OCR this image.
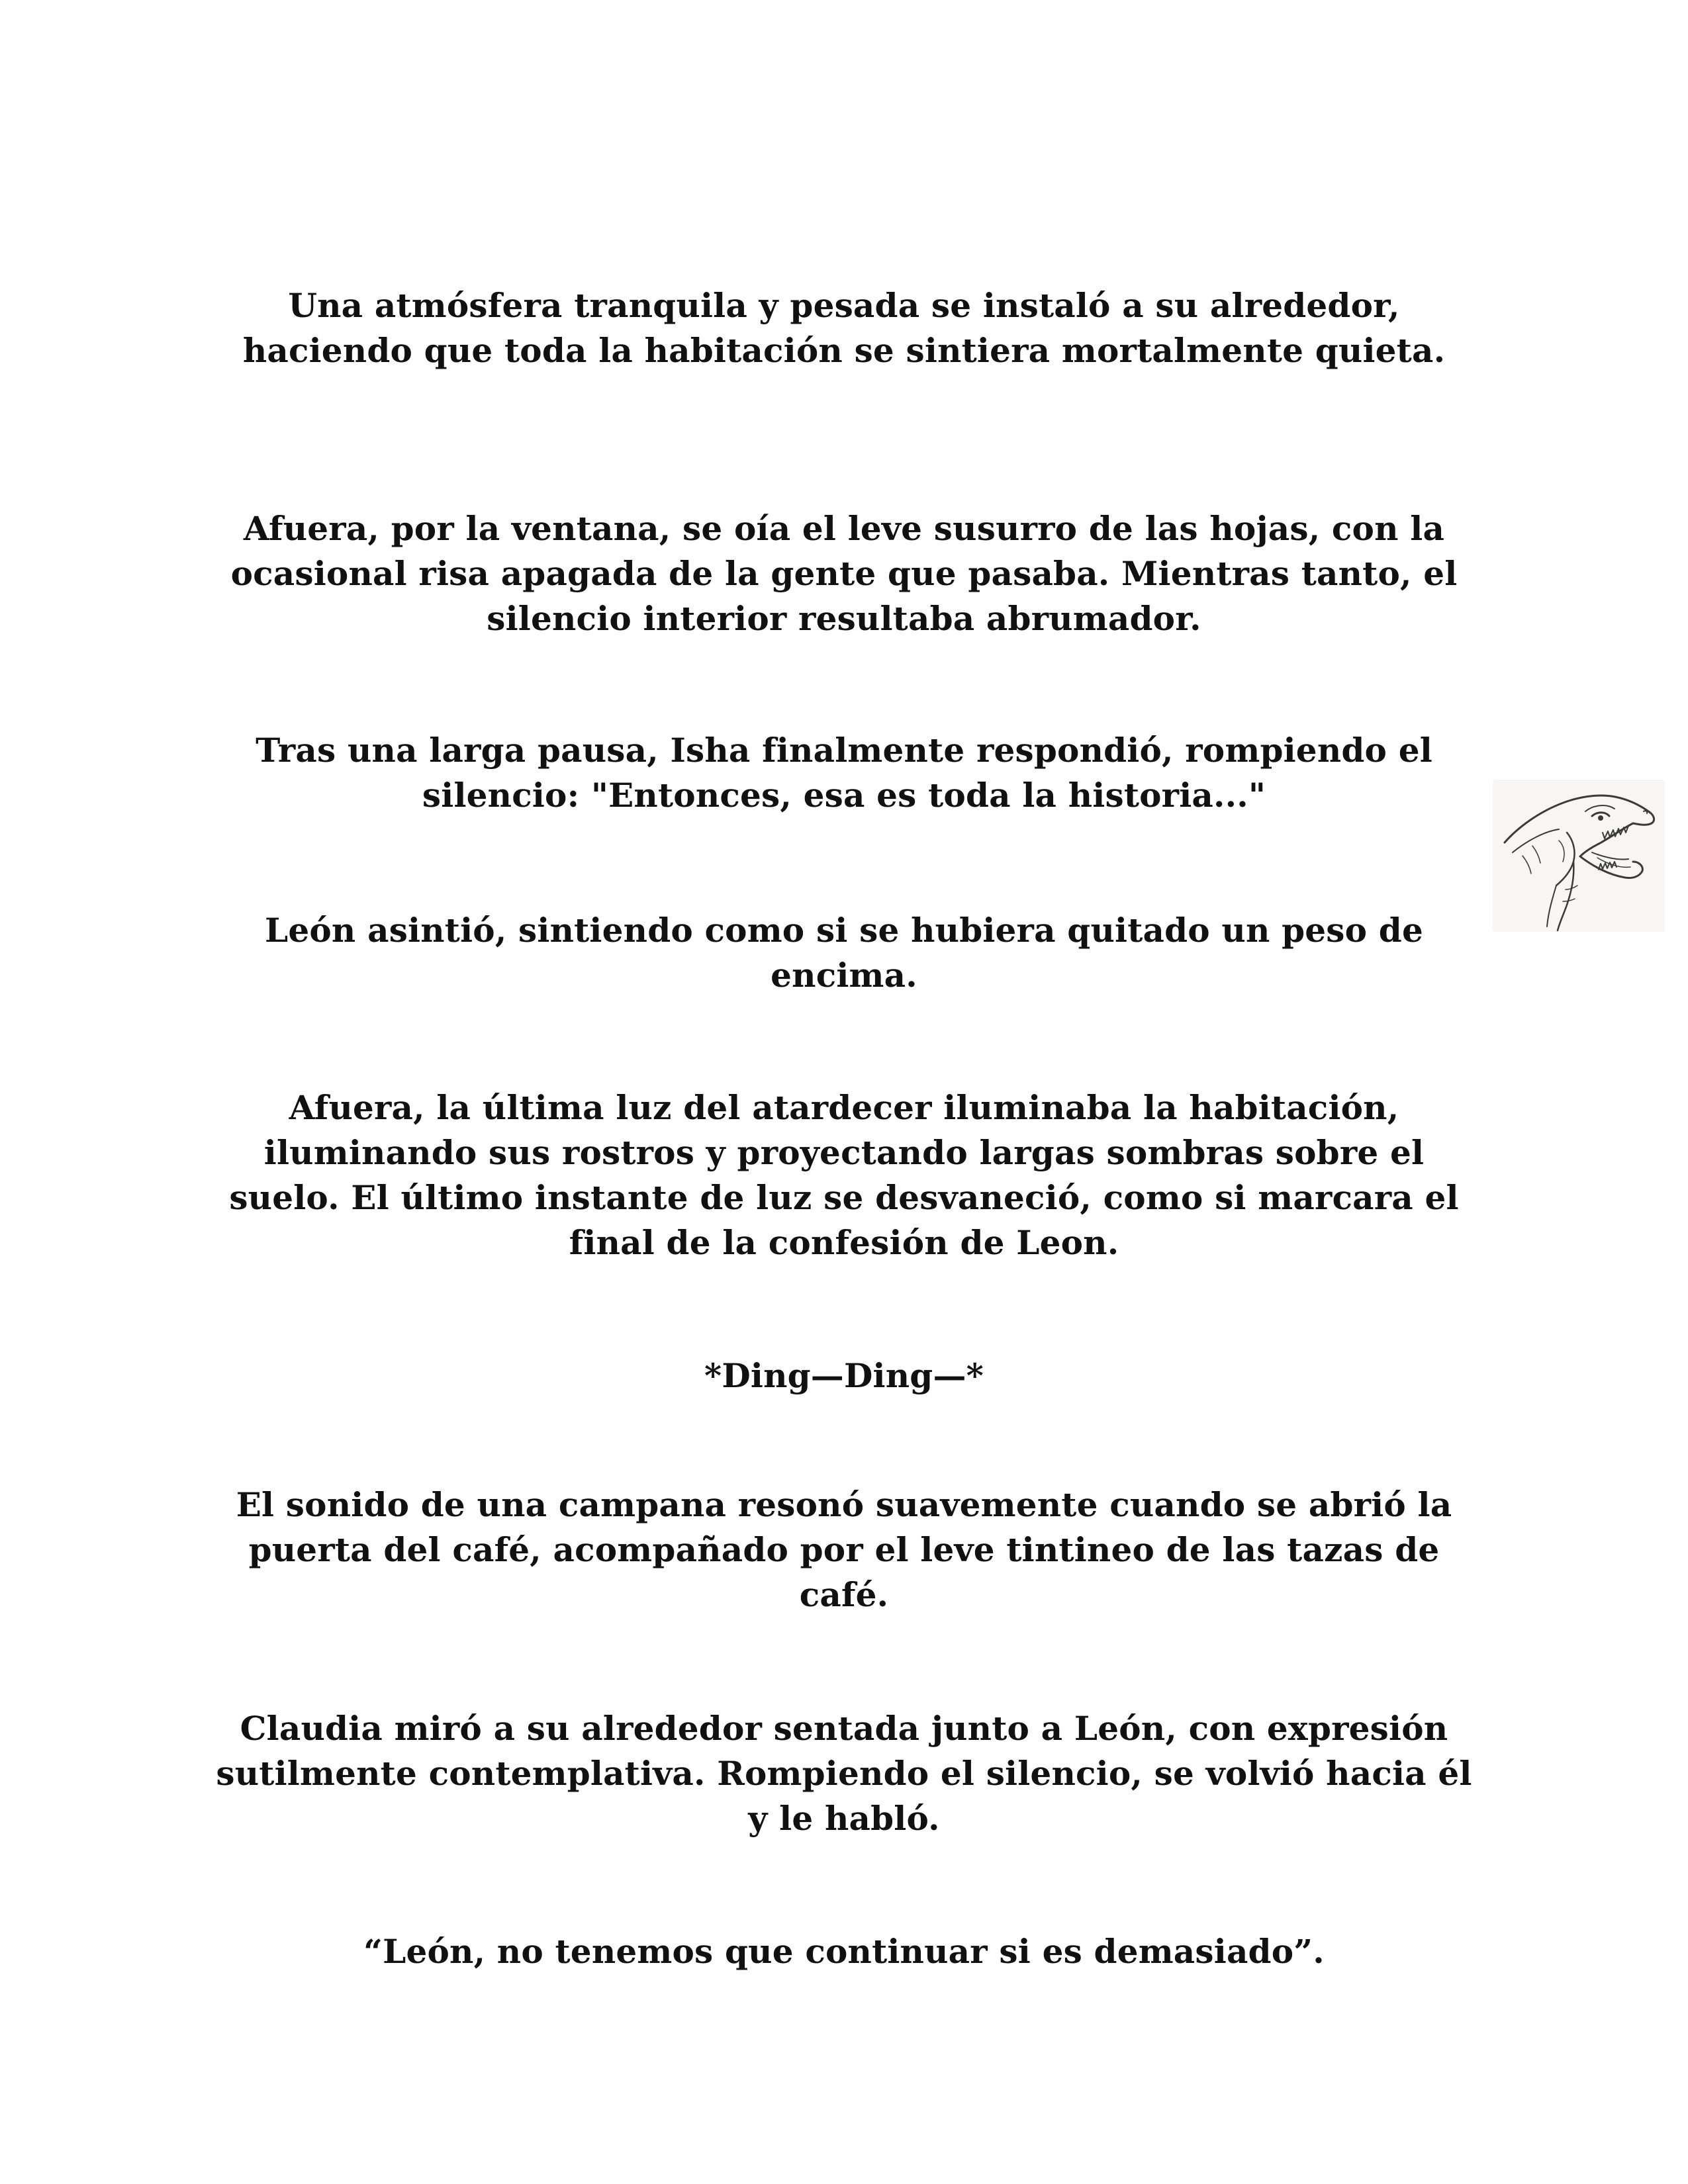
Una atmósfera tranquila y pesada se instaló a su alrededor, haciendo que toda la habitación se sintiera mortalmente quieta.

Afuera, por la ventana, se oía el leve susurro de las hojas, con la ocasional risa apagada de la gente que pasaba. Mientras tanto, el silencio interior resultaba abrumador.

Tras una larga pausa, Isha finalmente respondió, rompiendo el silencio: "Entonces, esa es toda la historia..."

León asintió, sintiendo como si se hubiera quitado un peso de encima.

Afuera, la última luz del atardecer iluminaba la habitación, iluminando sus rostros y proyectando largas sombras sobre el suelo. El último instante de luz se desvaneció, como si marcara el final de la confesión de Leon.

*Ding—Ding—*

El sonido de una campana resonó suavemente cuando se abrió la puerta del café, acompañado por el leve tintineo de las tazas de café.

Claudia miró a su alrededor sentada junto a León, con expresión sutilmente contemplativa. Rompiendo el silencio, se volvió hacia él y le habló.

“León, no tenemos que continuar si es demasiado”.
